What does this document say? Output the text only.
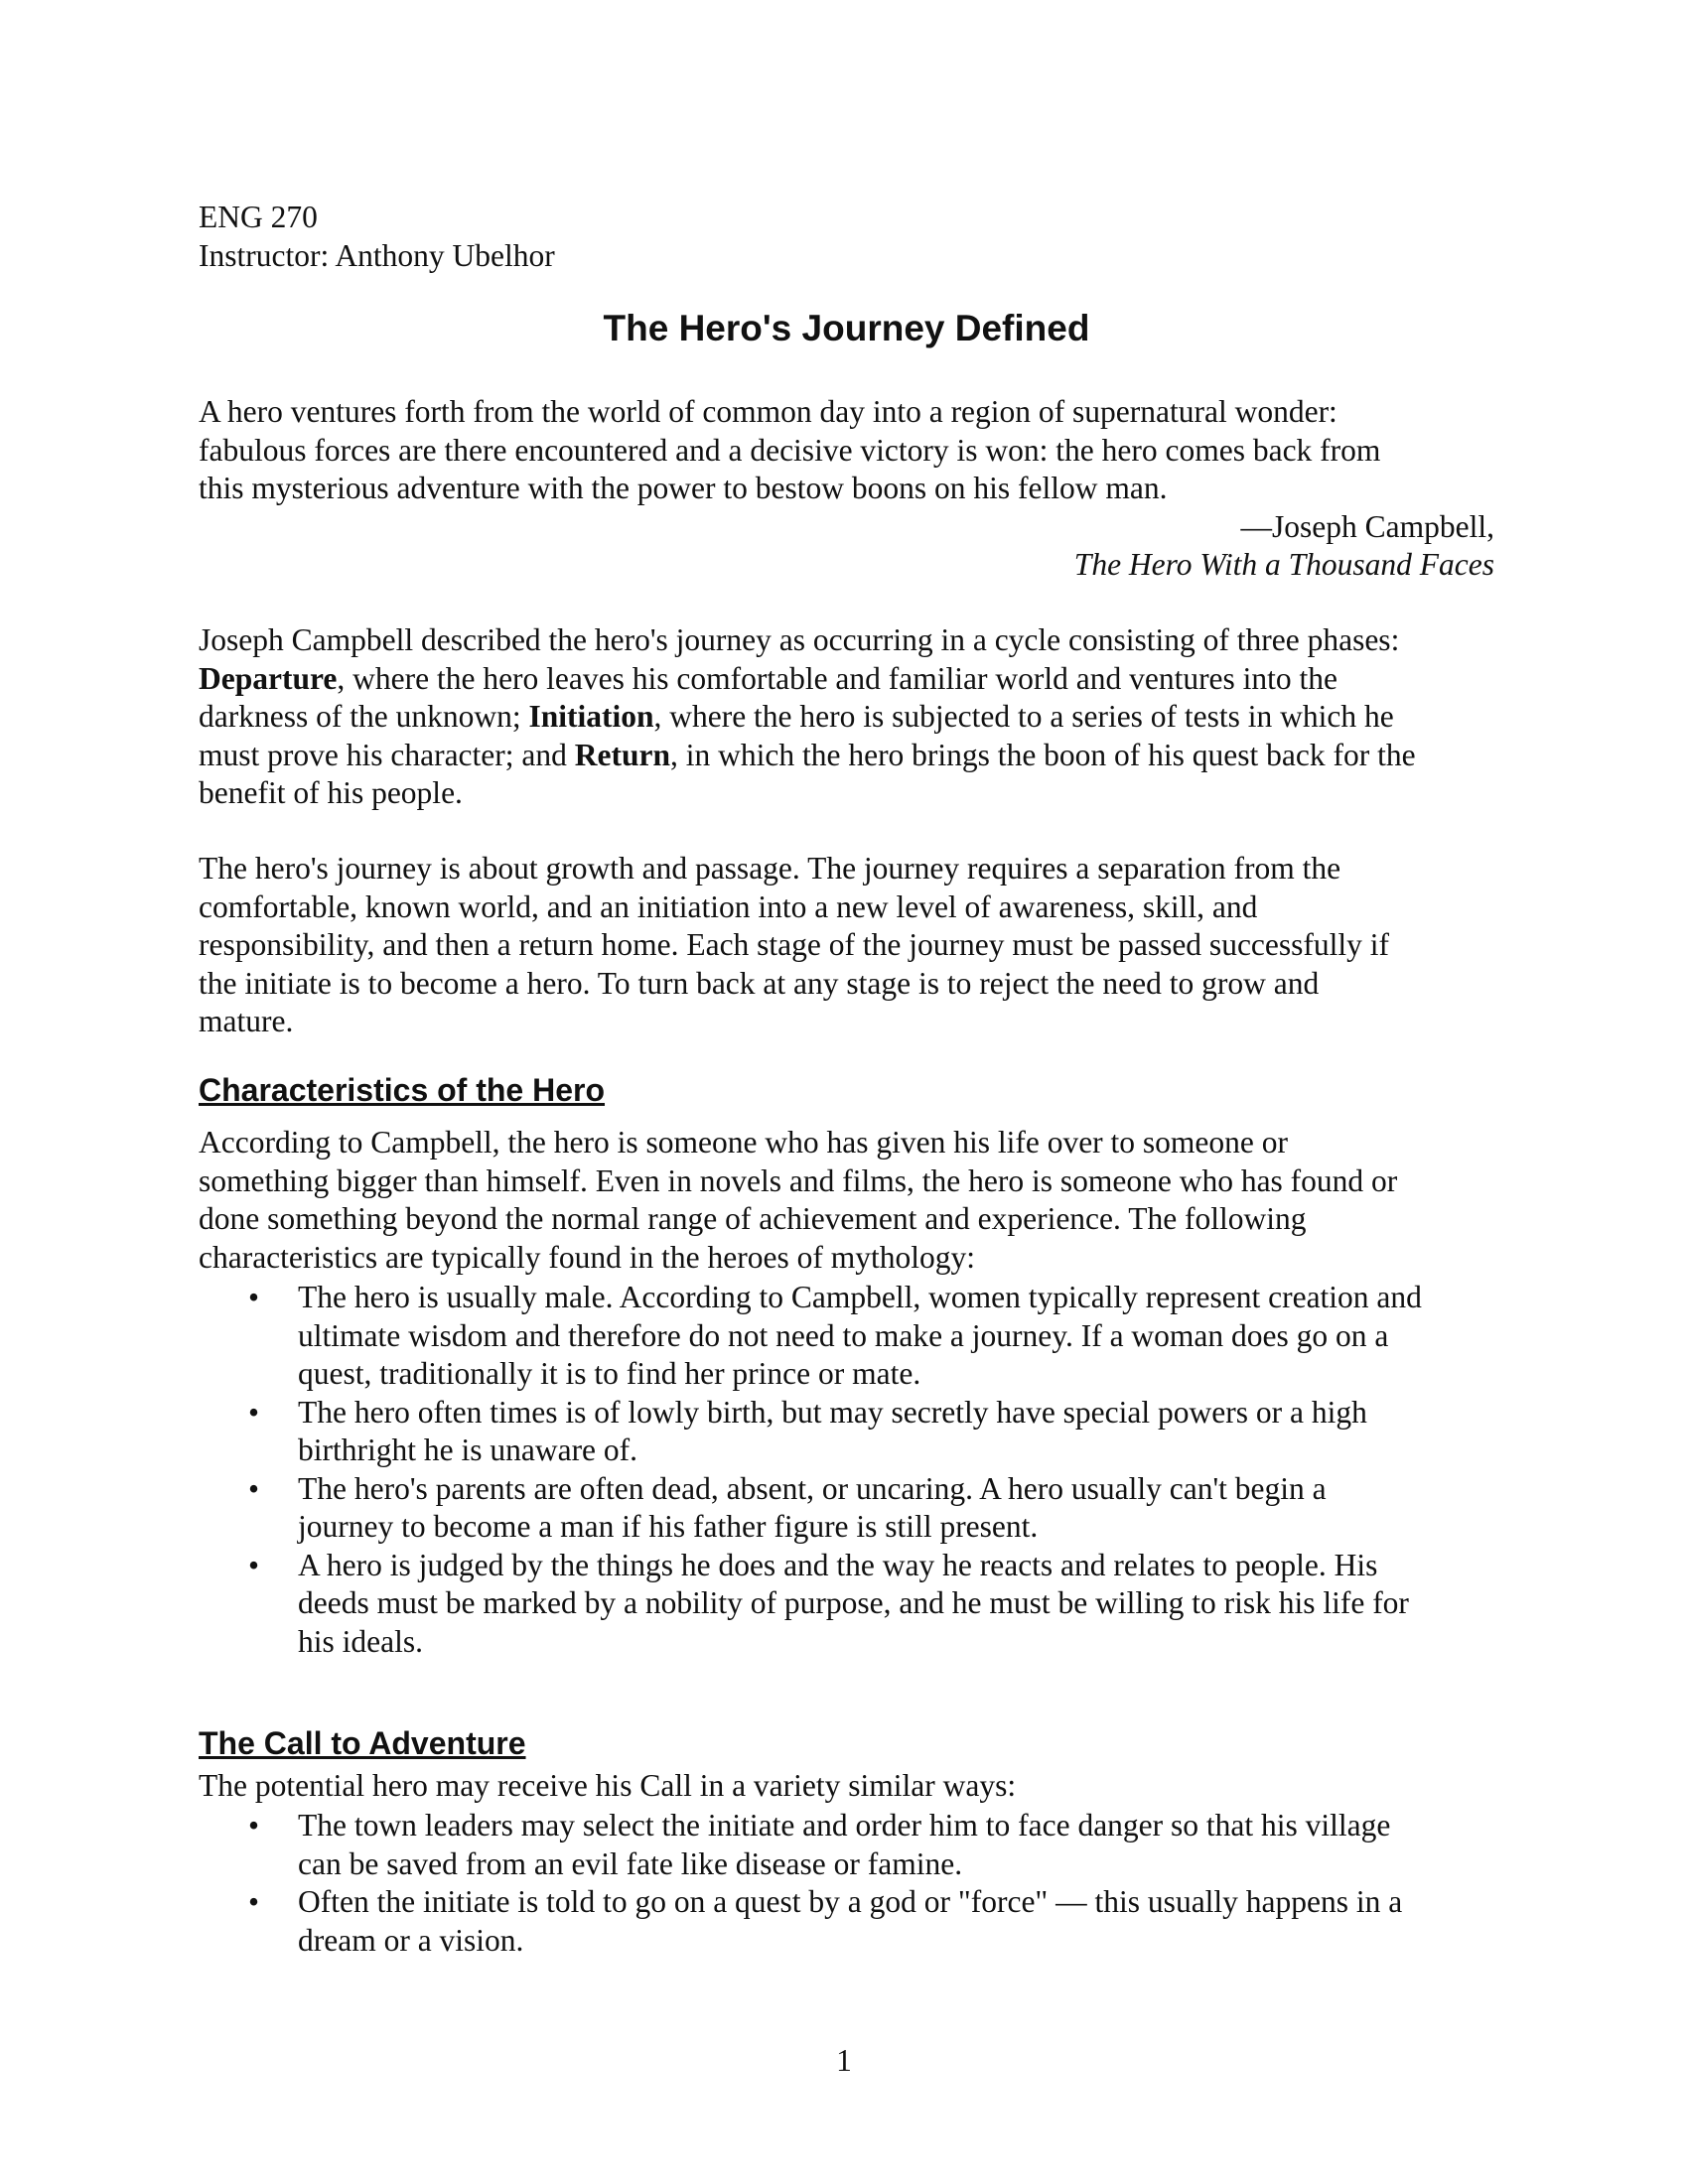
ENG 270

Instructor: Anthony Ubelhor

The Hero's Journey Defined

A hero ventures forth from the world of common day into a region of supernatural wonder:

fabulous forces are there encountered and a decisive victory is won: the hero comes back from

this mysterious adventure with the power to bestow boons on his fellow man.

—Joseph Campbell,

The Hero With a Thousand Faces

Joseph Campbell described the hero's journey as occurring in a cycle consisting of three phases:

Departure, where the hero leaves his comfortable and familiar world and ventures into the

darkness of the unknown; Initiation, where the hero is subjected to a series of tests in which he

must prove his character; and Return, in which the hero brings the boon of his quest back for the

benefit of his people.

The hero's journey is about growth and passage. The journey requires a separation from the

comfortable, known world, and an initiation into a new level of awareness, skill, and

responsibility, and then a return home. Each stage of the journey must be passed successfully if

the initiate is to become a hero. To turn back at any stage is to reject the need to grow and

mature.

Characteristics of the Hero

According to Campbell, the hero is someone who has given his life over to someone or

something bigger than himself. Even in novels and films, the hero is someone who has found or

done something beyond the normal range of achievement and experience. The following

characteristics are typically found in the heroes of mythology:

• The hero is usually male. According to Campbell, women typically represent creation and
ultimate wisdom and therefore do not need to make a journey. If a woman does go on a
quest, traditionally it is to find her prince or mate.
• The hero often times is of lowly birth, but may secretly have special powers or a high
birthright he is unaware of.
• The hero's parents are often dead, absent, or uncaring. A hero usually can't begin a
journey to become a man if his father figure is still present.
• A hero is judged by the things he does and the way he reacts and relates to people. His
deeds must be marked by a nobility of purpose, and he must be willing to risk his life for
his ideals.
The Call to Adventure

The potential hero may receive his Call in a variety similar ways:

• The town leaders may select the initiate and order him to face danger so that his village
can be saved from an evil fate like disease or famine.
• Often the initiate is told to go on a quest by a god or "force" — this usually happens in a
dream or a vision.
1
